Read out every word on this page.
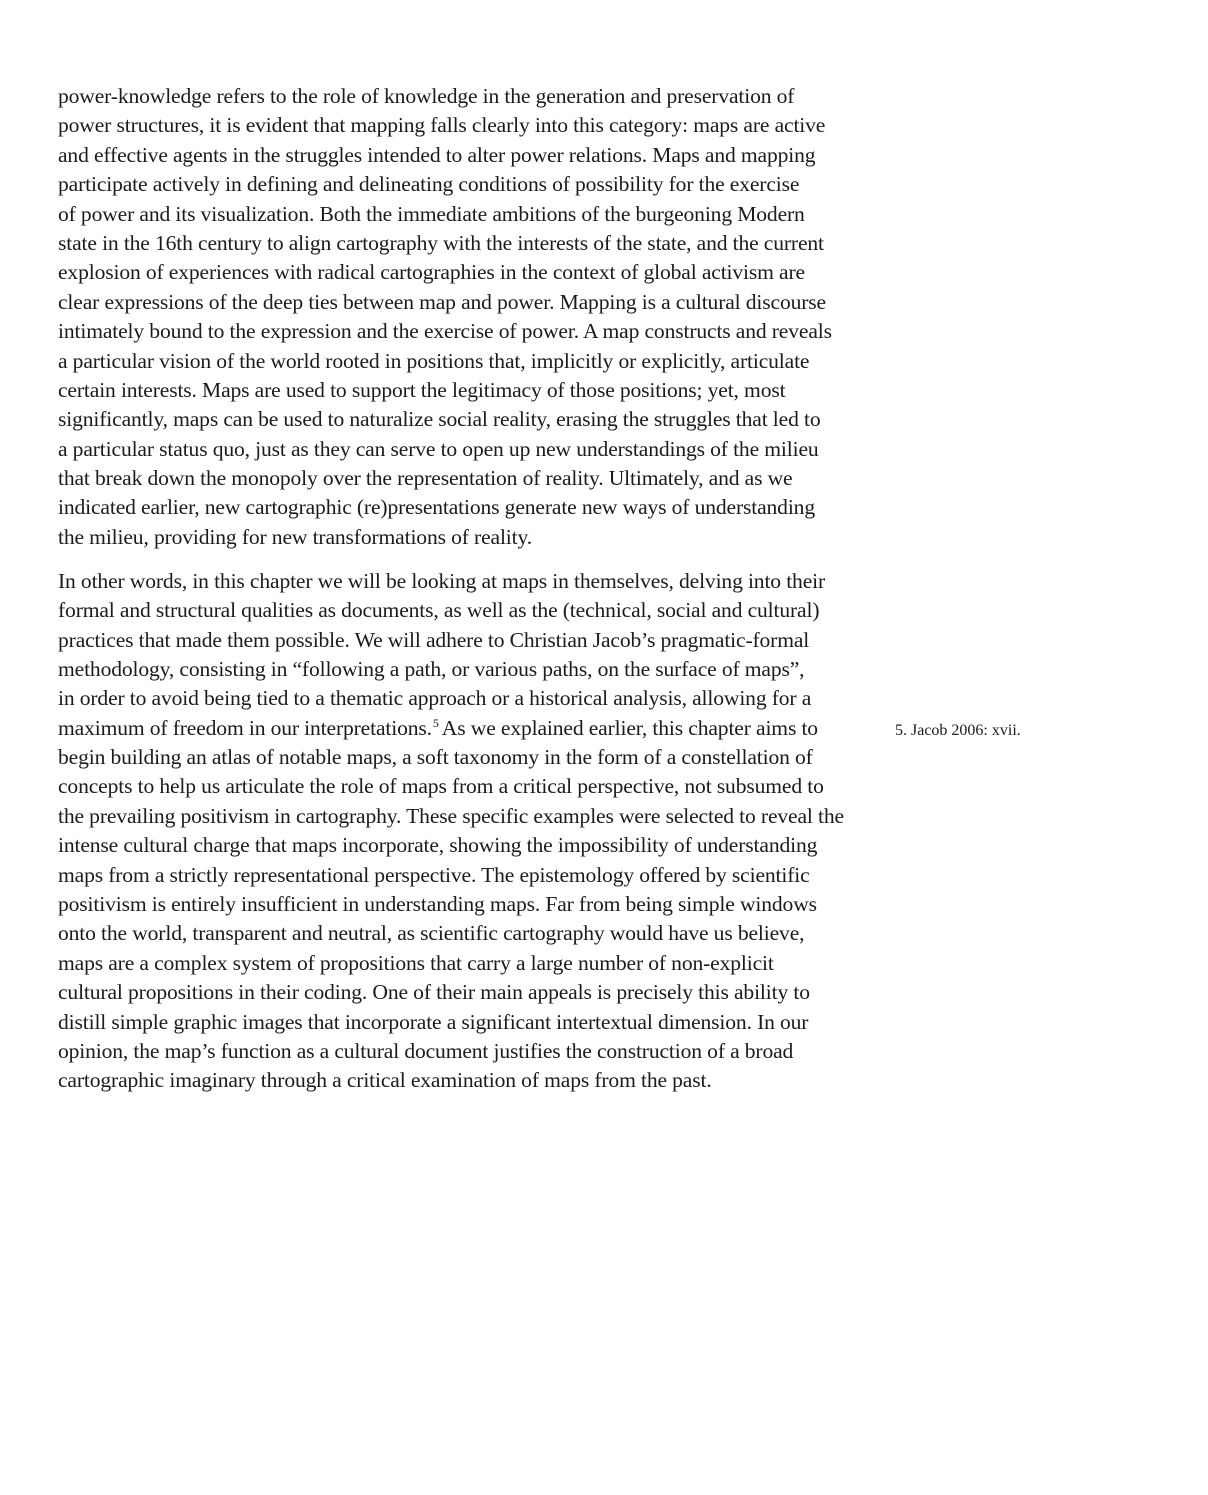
power-knowledge refers to the role of knowledge in the generation and preservation of
power structures, it is evident that mapping falls clearly into this category: maps are active
and effective agents in the struggles intended to alter power relations. Maps and mapping
participate actively in defining and delineating conditions of possibility for the exercise
of power and its visualization. Both the immediate ambitions of the burgeoning Modern
state in the 16th century to align cartography with the interests of the state, and the current
explosion of experiences with radical cartographies in the context of global activism are
clear expressions of the deep ties between map and power. Mapping is a cultural discourse
intimately bound to the expression and the exercise of power. A map constructs and reveals
a particular vision of the world rooted in positions that, implicitly or explicitly, articulate
certain interests. Maps are used to support the legitimacy of those positions; yet, most
significantly, maps can be used to naturalize social reality, erasing the struggles that led to
a particular status quo, just as they can serve to open up new understandings of the milieu
that break down the monopoly over the representation of reality. Ultimately, and as we
indicated earlier, new cartographic (re)presentations generate new ways of understanding
the milieu, providing for new transformations of reality.

In other words, in this chapter we will be looking at maps in themselves, delving into their
formal and structural qualities as documents, as well as the (technical, social and cultural)
practices that made them possible. We will adhere to Christian Jacob’s pragmatic-formal
methodology, consisting in “following a path, or various paths, on the surface of maps”,
in order to avoid being tied to a thematic approach or a historical analysis, allowing for a
maximum of freedom in our interpretations.$^5$ As we explained earlier, this chapter aims to
begin building an atlas of notable maps, a soft taxonomy in the form of a constellation of
concepts to help us articulate the role of maps from a critical perspective, not subsumed to
the prevailing positivism in cartography. These specific examples were selected to reveal the
intense cultural charge that maps incorporate, showing the impossibility of understanding
maps from a strictly representational perspective. The epistemology offered by scientific
positivism is entirely insufficient in understanding maps. Far from being simple windows
onto the world, transparent and neutral, as scientific cartography would have us believe,
maps are a complex system of propositions that carry a large number of non-explicit
cultural propositions in their coding. One of their main appeals is precisely this ability to
distill simple graphic images that incorporate a significant intertextual dimension. In our
opinion, the map’s function as a cultural document justifies the construction of a broad
cartographic imaginary through a critical examination of maps from the past.

5. Jacob 2006: xvii.
